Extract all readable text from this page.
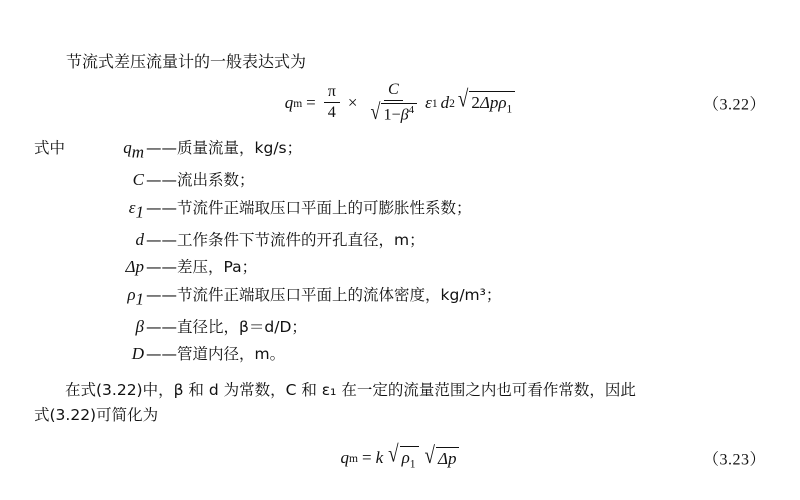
节流式差压流量计的一般表达式为

q $m = \frac{\pi}{4} \times \frac{C}{√ 1-\beta^4}$ ε 1 d 2 √ 2Δpρ$_1$	（3.22）
式中	qm —— 质量流量，kg/s；
C —— 流出系数；
ε1 —— 节流件正端取压口平面上的可膨胀性系数；
d —— 工作条件下节流件的开孔直径，m；
Δp —— 差压，Pa；
ρ1 —— 节流件正端取压口平面上的流体密度，kg/m³；
β —— 直径比，β＝d/D；
D —— 管道内径，m。

在式(3.22)中，β 和 d 为常数，C 和 ε₁ 在一定的流量范围之内也可看作常数，因此

式(3.22)可简化为

q m = k √ $\rho_1$ √ Δp	（3.23）
